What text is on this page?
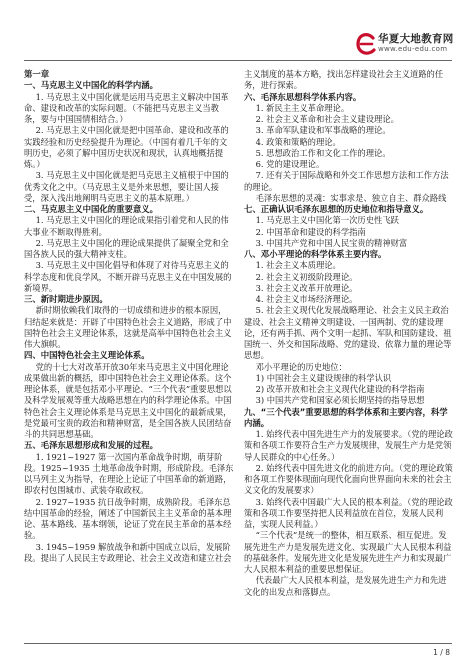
华夏大地教育网
www.edu-edu.com

第一章

一、马克思主义中国化的科学内涵。

1. 马克思主义中国化就是运用马克思主义解决中国革命、建设和改革的实际问题。（不能把马克思主义当教条，要与中国国情相结合。）

2. 马克思主义中国化就是把中国革命、建设和改革的实践经验和历史经验提升为理论。（中国有着几千年的文明历史，必须了解中国历史状况和现状，认真地概括提炼。）

3. 马克思主义中国化就是把马克思主义植根于中国的优秀文化之中。（马克思主义是外来思想，要让国人接受，深入浅出地阐明马克思主义的基本原理。）

二、马克思主义中国化的重要意义。

1. 马克思主义中国化的理论成果指引着党和人民的伟大事业不断取得胜利。

2. 马克思主义中国化的理论成果提供了凝聚全党和全国各族人民的强大精神支柱。

3. 马克思主义中国化倡导和体现了对待马克思主义的科学态度和优良学风，不断开辟马克思主义在中国发展的新境界。

三、新时期进步原因。

新时期依赖我们取得的一切成绩和进步的根本原因，归结起来就是：开辟了中国特色社会主义道路，形成了中国特色社会主义理论体系，这就是高举中国特色社会主义伟大旗帜。

四、中国特色社会主义理论体系。

党的十七大对改革开放30年来马克思主义中国化理论成果做出新的概括，即中国特色社会主义理论体系。这个理论体系，就是包括邓小平理论、“三个代表”重要思想以及科学发展观等重大战略思想在内的科学理论体系。中国特色社会主义理论体系是马克思主义中国化的最新成果，是党最可宝贵的政治和精神财富，是全国各族人民团结奋斗的共同思想基础。

五、毛泽东思想形成和发展的过程。

1. 1921~1927 第一次国内革命战争时期，萌芽阶段。1925~1935 土地革命战争时期，形成阶段。毛泽东以马列主义为指导，在理论上论证了中国革命的新道路，即农村包围城市、武装夺取政权。

2. 1927~1935 抗日战争时期，成熟阶段。毛泽东总结中国革命的经验，阐述了中国新民主主义革命的基本理论、基本路线、基本纲领，论证了党在民主革命的基本经验。

3. 1945~1959 解放战争和新中国成立以后，发展阶段。提出了人民民主专政理论、社会主义改造和建立社会

主义制度的基本方略，找出怎样建设社会主义道路的任务，进行探索。

六、毛泽东思想科学体系内容。

1. 新民主主义革命理论。

2. 社会主义革命和社会主义建设理论。

3. 革命军队建设和军事战略的理论。

4. 政策和策略的理论。

5. 思想政治工作和文化工作的理论。

6. 党的建设理论。

7. 还有关于国际战略和外交工作思想方法和工作方法的理论。

毛泽东思想的灵魂：实事求是、独立自主、群众路线

七、正确认识毛泽东思想的历史地位和指导意义。

1. 马克思主义中国化第一次历史性飞跃

2. 中国革命和建设的科学指南

3. 中国共产党和中国人民宝贵的精神财富

八、邓小平理论的科学体系主要内容。

1. 社会主义本质理论。

2. 社会主义初级阶段理论。

3. 社会主义改革开放理论。

4. 社会主义市场经济理论。

5. 社会主义现代化发展战略理论、社会主义民主政治建设、社会主义精神文明建设、一国两制、党的建设理论，还有两手抓、两个文明一起抓、军队和国防建设、祖国统一、外交和国际战略、党的建设、依靠力量的理论等思想。

邓小平理论的历史地位：

1) 中国社会主义建设规律的科学认识

2) 改革开放和社会主义现代化建设的科学指南

3) 中国共产党和国家必须长期坚持的指导思想

九、“三个代表”重要思想的科学体系和主要内容，科学内涵。

1. 始终代表中国先进生产力的发展要求。（党的理论政策和各项工作要符合生产力发展规律，发展生产力是党领导人民群众的中心任务。）

2. 始终代表中国先进文化的前进方向。（党的理论政策和各项工作要体现面向现代化面向世界面向未来的社会主义文化的发展要求）

3. 始终代表中国最广大人民的根本利益。（党的理论政策和各项工作要坚持把人民利益放在首位，发展人民利益，实现人民利益。）

“三个代表”是统一的整体，相互联系、相互促进。发展先进生产力是发展先进文化、实现最广大人民根本利益的基础条件。发展先进文化是发展先进生产力和实现最广大人民根本利益的重要思想保证。

代表最广大人民根本利益，是发展先进生产力和先进文化的出发点和落脚点。

1 / 8
